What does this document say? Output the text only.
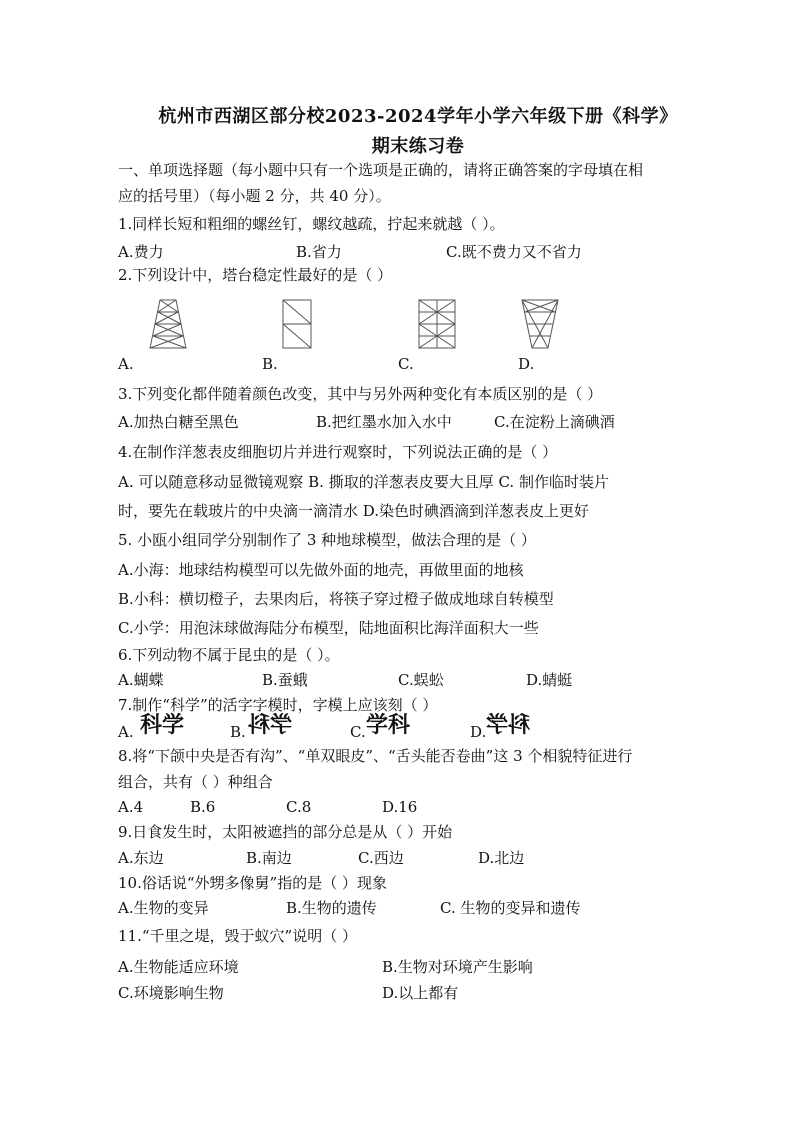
杭州市西湖区部分校2023-2024学年小学六年级下册《科学》
期末练习卷
一、单项选择题（每小题中只有一个选项是正确的，请将正确答案的字母填在相
应的括号里）（每小题 2 分，共 40 分）。
1.同样长短和粗细的螺丝钉，螺纹越疏，拧起来就越（ ）。
A.费力	B.省力	C.既不费力又不省力
2.下列设计中，塔台稳定性最好的是（ ）
A.	B.	C.	D.
3.下列变化都伴随着颜色改变，其中与另外两种变化有本质区别的是（ ）
A.加热白糖至黑色	B.把红墨水加入水中	C.在淀粉上滴碘酒
4.在制作洋葱表皮细胞切片并进行观察时，下列说法正确的是（ ）
A. 可以随意移动显微镜观察 B. 撕取的洋葱表皮要大且厚 C. 制作临时装片
时，要先在载玻片的中央滴一滴清水 D.染色时碘酒滴到洋葱表皮上更好
5. 小瓯小组同学分别制作了 3 种地球模型，做法合理的是（ ）
A.小海：地球结构模型可以先做外面的地壳，再做里面的地核
B.小科：横切橙子，去果肉后，将筷子穿过橙子做成地球自转模型
C.小学：用泡沫球做海陆分布模型，陆地面积比海洋面积大一些
6.下列动物不属于昆虫的是（ ）。
A.蝴蝶	B.蚕蛾	C.蜈蚣	D.蜻蜓
7.制作“科学”的活字字模时，字模上应该刻（ ）
A. 科学	B. 学科	C. 学科	D. 科学
8.将“下颌中央是否有沟”、“单双眼皮”、“舌头能否卷曲”这 3 个相貌特征进行
组合，共有（ ）种组合
A.4	B.6	C.8	D.16
9.日食发生时，太阳被遮挡的部分总是从（ ）开始
A.东边	B.南边	C.西边	D.北边
10.俗话说“外甥多像舅”指的是（ ）现象
A.生物的变异	B.生物的遗传	C. 生物的变异和遗传
11.“千里之堤，毁于蚁穴”说明（ ）
A.生物能适应环境	B.生物对环境产生影响
C.环境影响生物	D.以上都有
